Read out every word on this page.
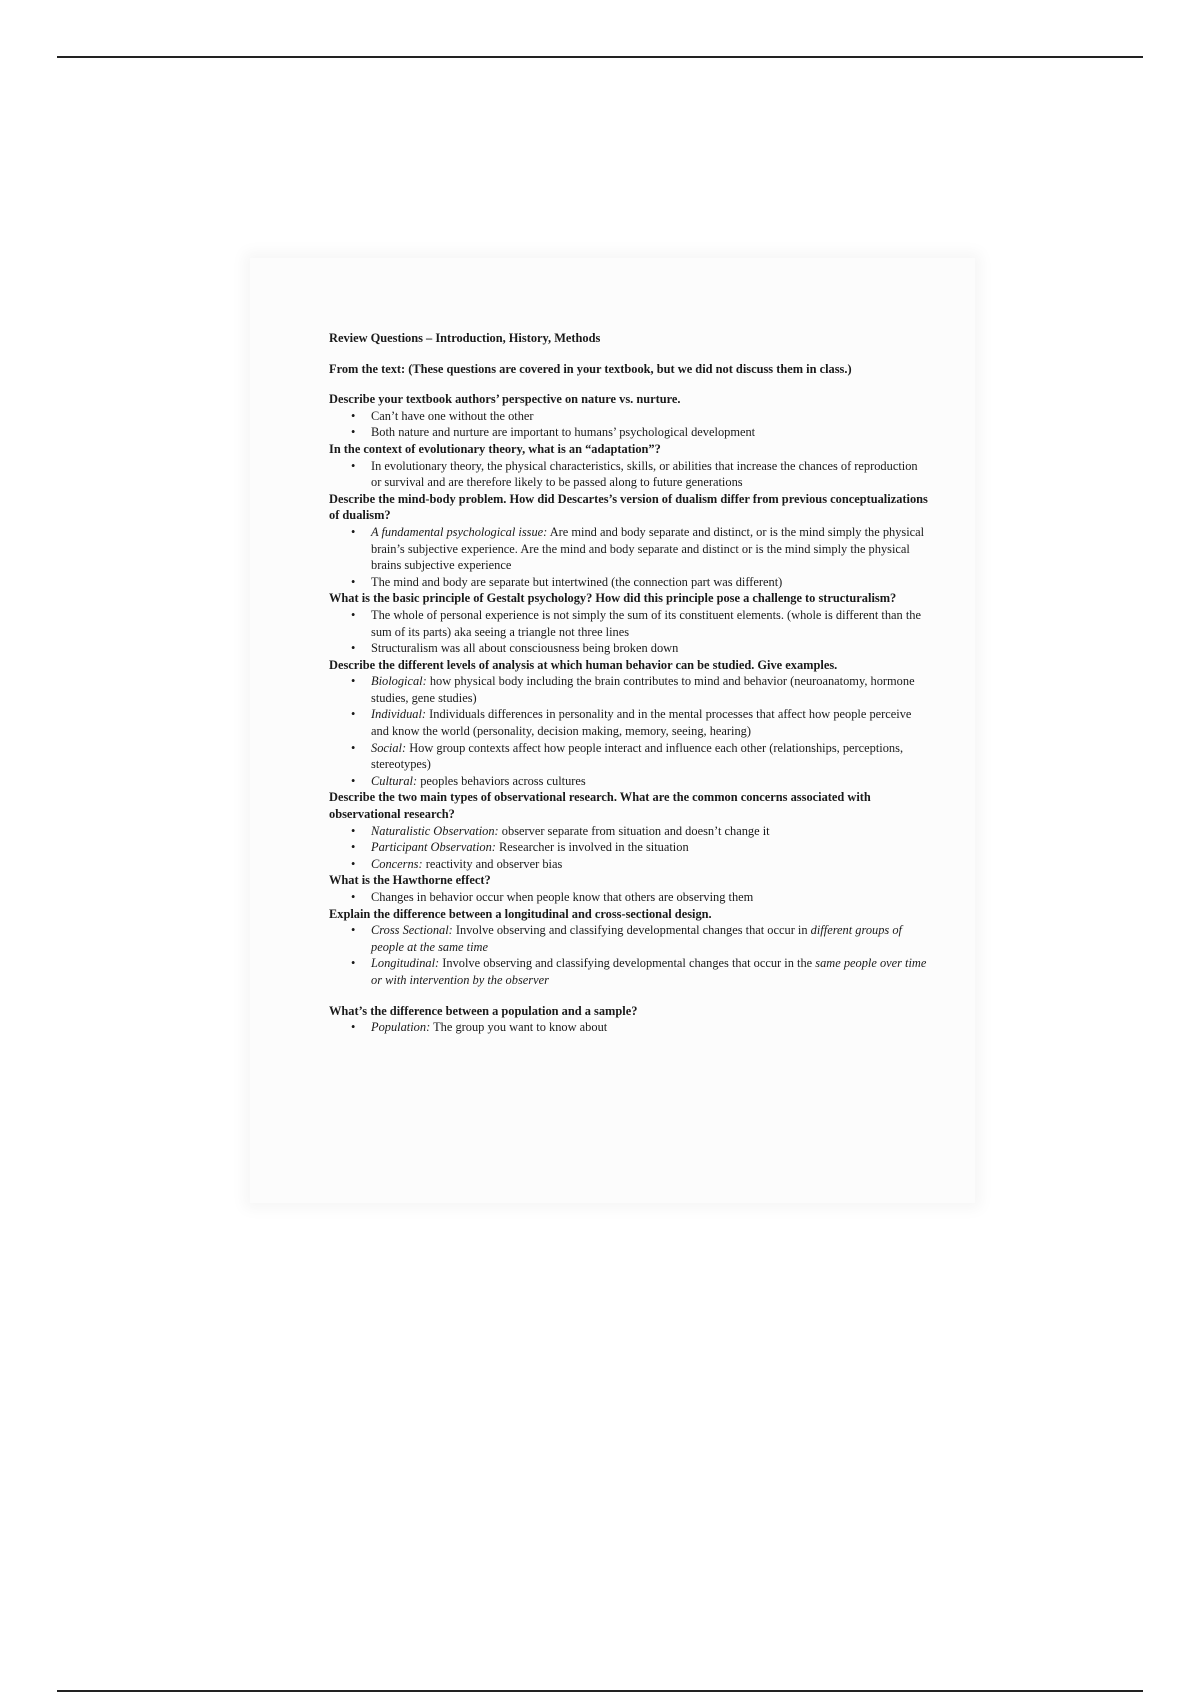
Review Questions – Introduction, History, Methods

From the text: (These questions are covered in your textbook, but we did not discuss them in class.)

Describe your textbook authors’ perspective on nature vs. nurture.

• Can’t have one without the other
• Both nature and nurture are important to humans’ psychological development

In the context of evolutionary theory, what is an “adaptation”?

• In evolutionary theory, the physical characteristics, skills, or abilities that increase the chances of reproduction or survival and are therefore likely to be passed along to future generations

Describe the mind-body problem. How did Descartes’s version of dualism differ from previous conceptualizations of dualism?

• A fundamental psychological issue: Are mind and body separate and distinct, or is the mind simply the physical brain’s subjective experience. Are the mind and body separate and distinct or is the mind simply the physical brains subjective experience
• The mind and body are separate but intertwined (the connection part was different)

What is the basic principle of Gestalt psychology? How did this principle pose a challenge to structuralism?

• The whole of personal experience is not simply the sum of its constituent elements. (whole is different than the sum of its parts) aka seeing a triangle not three lines
• Structuralism was all about consciousness being broken down

Describe the different levels of analysis at which human behavior can be studied. Give examples.

• Biological: how physical body including the brain contributes to mind and behavior (neuroanatomy, hormone studies, gene studies)
• Individual: Individuals differences in personality and in the mental processes that affect how people perceive and know the world (personality, decision making, memory, seeing, hearing)
• Social: How group contexts affect how people interact and influence each other (relationships, perceptions, stereotypes)
• Cultural: peoples behaviors across cultures

Describe the two main types of observational research. What are the common concerns associated with observational research?

• Naturalistic Observation: observer separate from situation and doesn’t change it
• Participant Observation: Researcher is involved in the situation
• Concerns: reactivity and observer bias

What is the Hawthorne effect?

• Changes in behavior occur when people know that others are observing them

Explain the difference between a longitudinal and cross-sectional design.

• Cross Sectional: Involve observing and classifying developmental changes that occur in different groups of people at the same time
• Longitudinal: Involve observing and classifying developmental changes that occur in the same people over time or with intervention by the observer

What’s the difference between a population and a sample?

• Population: The group you want to know about
